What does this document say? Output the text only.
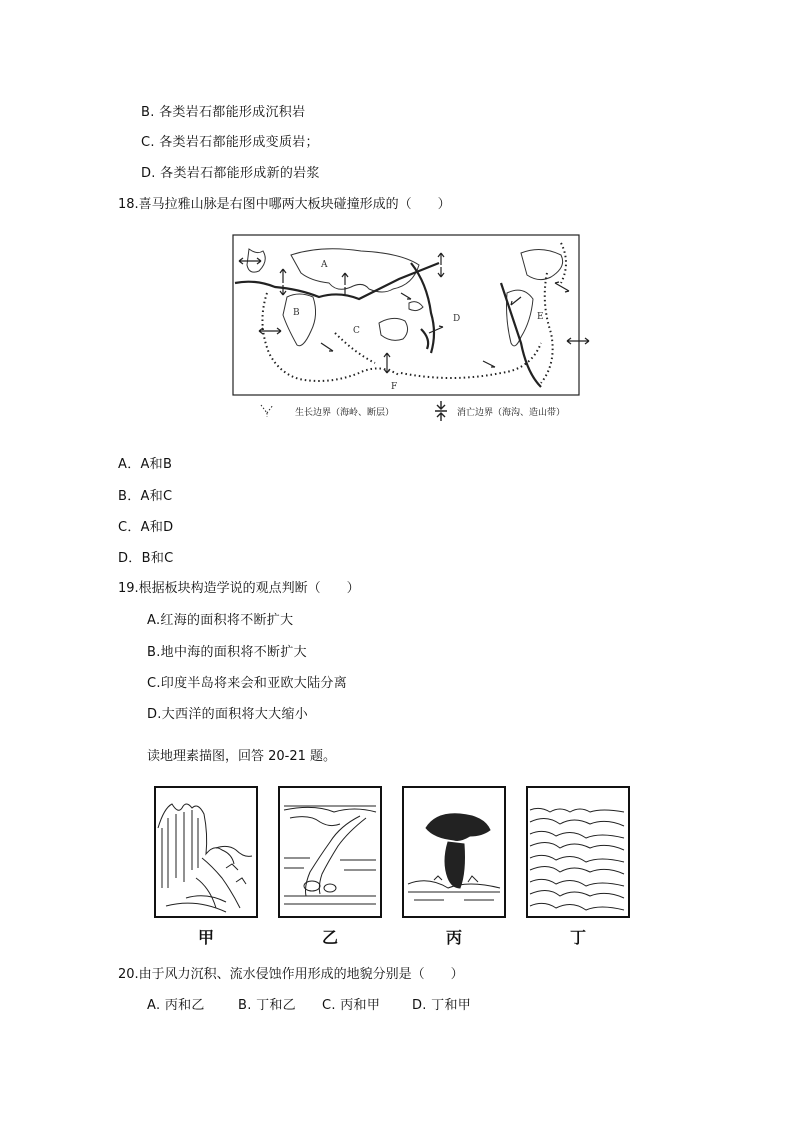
B. 各类岩石都能形成沉积岩
C. 各类岩石都能形成变质岩；
D. 各类岩石都能形成新的岩浆
18.喜马拉雅山脉是右图中哪两大板块碰撞形成的（　　）
A
B
C
D	E
F
生长边界（海岭、断层）	消亡边界（海沟、造山带）
A．A和B
B．A和C
C．A和D
D．B和C
19.根据板块构造学说的观点判断（　　）
A.红海的面积将不断扩大
B.地中海的面积将不断扩大
C.印度半岛将来会和亚欧大陆分离
D.大西洋的面积将大大缩小
读地理素描图，回答 20-21 题。
甲	乙	丙	丁
20.由于风力沉积、流水侵蚀作用形成的地貌分别是（　　）
A. 丙和乙	B. 丁和乙 C. 丙和甲 D. 丁和甲
